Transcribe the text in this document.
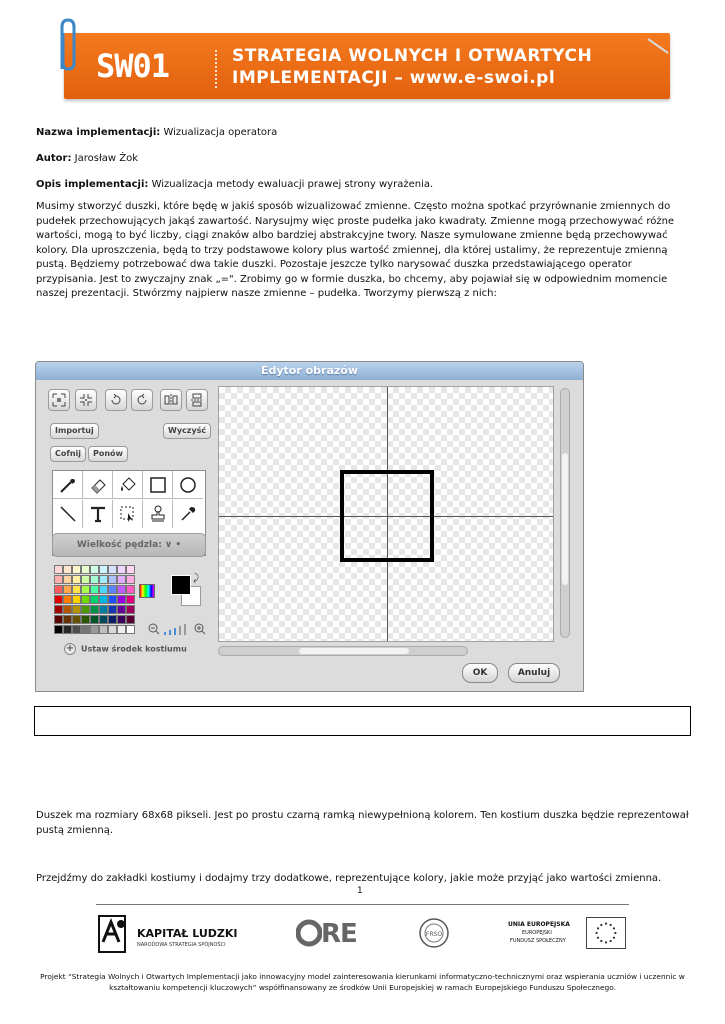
SW01	STRATEGIA WOLNYCH I OTWARTYCH
IMPLEMENTACJI – www.e-swoi.pl
Nazwa implementacji: Wizualizacja operatora
Autor: Jarosław Żok
Opis implementacji: Wizualizacja metody ewaluacji prawej strony wyrażenia.
Musimy stworzyć duszki, które będę w jakiś sposób wizualizować zmienne. Często można spotkać przyrównanie zmiennych do pudełek przechowujących jakąś zawartość. Narysujmy więc proste pudełka jako kwadraty. Zmienne mogą przechowywać różne wartości, mogą to być liczby, ciągi znaków albo bardziej abstrakcyjne twory. Nasze symulowane zmienne będą przechowywać kolory. Dla uproszczenia, będą to trzy podstawowe kolory plus wartość zmiennej, dla której ustalimy, że reprezentuje zmienną pustą. Będziemy potrzebować dwa takie duszki. Pozostaje jeszcze tylko narysować duszka przedstawiającego operator przypisania. Jest to zwyczajny znak „=". Zrobimy go w formie duszka, bo chcemy, aby pojawiał się w odpowiednim momencie naszej prezentacji. Stwórzmy najpierw nasze zmienne – pudełka. Tworzymy pierwszą z nich:
Edytor obrazów
Importuj	Wyczyść
Cofnij	Ponów
Wielkość pędzla: ∨ •
⤸
+ Ustaw środek kostiumu
OK	Anuluj
Duszek ma rozmiary 68x68 pikseli. Jest po prostu czarną ramką niewypełnioną kolorem. Ten kostium duszka będzie reprezentował pustą zmienną.
Przejdźmy do zakładki kostiumy i dodajmy trzy dodatkowe, reprezentujące kolory, jakie może przyjąć jako wartości zmienna.
1
KAPITAŁ LUDZKI
NARODOWA STRATEGIA SPÓJNOŚCI	RE	FRSO
UNIA EUROPEJSKA
EUROPEJSKI
FUNDUSZ SPOŁECZNY
Projekt “Strategia Wolnych i Otwartych Implementacji jako innowacyjny model zainteresowania kierunkami informatyczno-technicznymi oraz wspierania uczniów i uczennic w kształtowaniu kompetencji kluczowych” współfinansowany ze środków Unii Europejskiej w ramach Europejskiego Funduszu Społecznego.
